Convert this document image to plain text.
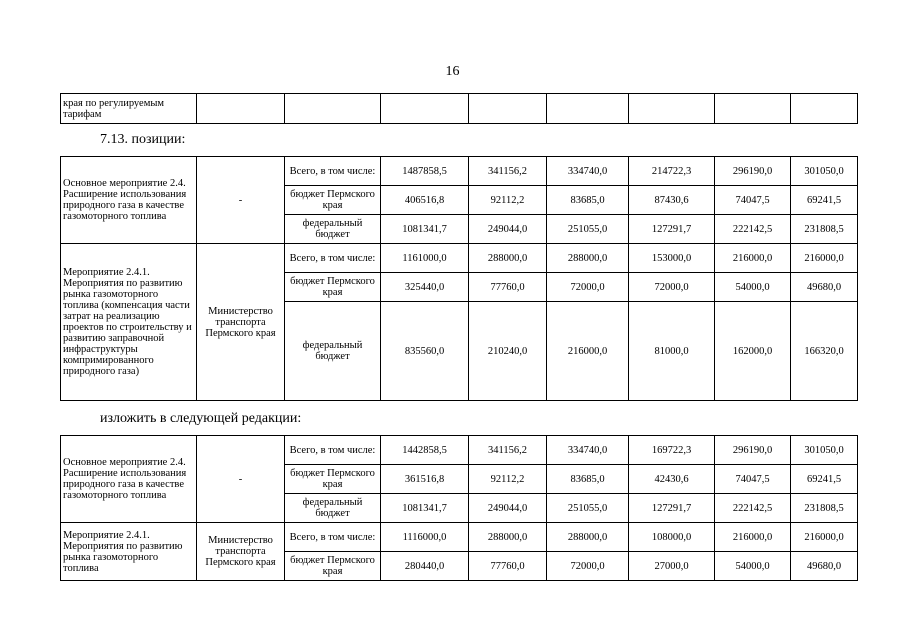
16
края по регулируемым тарифам								
7.13. позиции:
Основное мероприятие 2.4. Расширение использования природного газа в качестве газомоторного топлива	-	Всего, в том числе:	1487858,5	341156,2	334740,0	214722,3	296190,0	301050,0
		бюджет Пермского края	406516,8	92112,2	83685,0	87430,6	74047,5	69241,5
		федеральный бюджет	1081341,7	249044,0	251055,0	127291,7	222142,5	231808,5
Мероприятие 2.4.1. Мероприятия по развитию рынка газомоторного топлива (компенсация части затрат на реализацию проектов по строительству и развитию заправочной инфраструктуры компримированного природного газа)	Министерство транспорта Пермского края	Всего, в том числе:	1161000,0	288000,0	288000,0	153000,0	216000,0	216000,0
		бюджет Пермского края	325440,0	77760,0	72000,0	72000,0	54000,0	49680,0
		федеральный бюджет	835560,0	210240,0	216000,0	81000,0	162000,0	166320,0
изложить в следующей редакции:
Основное мероприятие 2.4. Расширение использования природного газа в качестве газомоторного топлива	-	Всего, в том числе:	1442858,5	341156,2	334740,0	169722,3	296190,0	301050,0
		бюджет Пермского края	361516,8	92112,2	83685,0	42430,6	74047,5	69241,5
		федеральный бюджет	1081341,7	249044,0	251055,0	127291,7	222142,5	231808,5
Мероприятие 2.4.1. Мероприятия по развитию рынка газомоторного топлива	Министерство транспорта Пермского края	Всего, в том числе:	1116000,0	288000,0	288000,0	108000,0	216000,0	216000,0
		бюджет Пермского края	280440,0	77760,0	72000,0	27000,0	54000,0	49680,0
